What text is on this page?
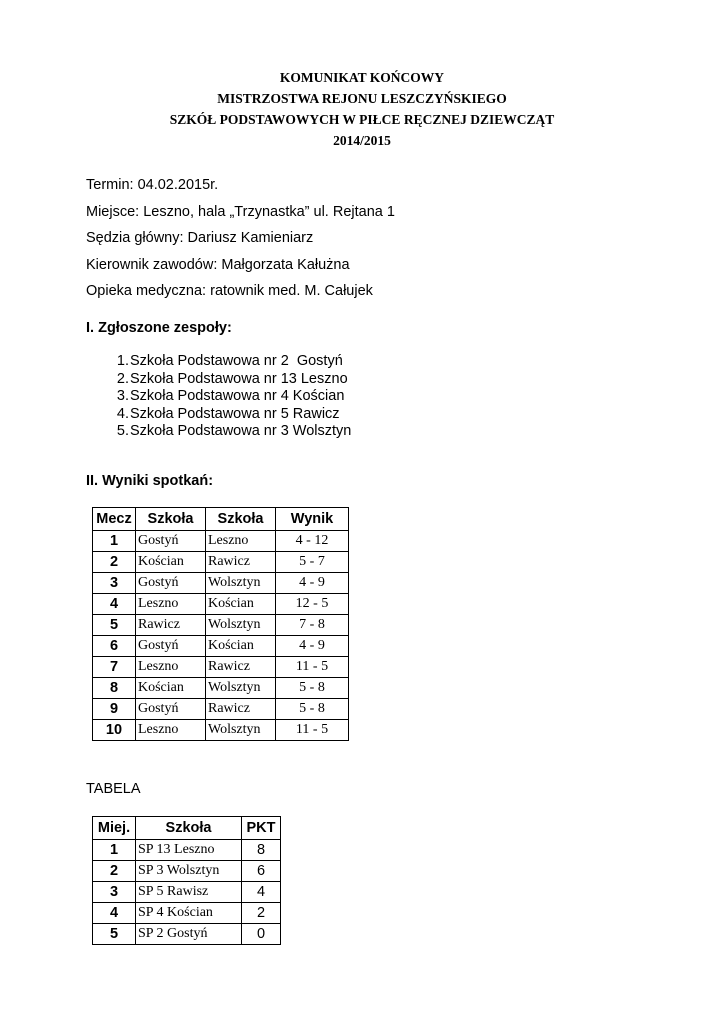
KOMUNIKAT KOŃCOWY
MISTRZOSTWA REJONU LESZCZYŃSKIEGO
SZKÓŁ PODSTAWOWYCH W PIŁCE RĘCZNEJ DZIEWCZĄT
2014/2015
Termin: 04.02.2015r.
Miejsce: Leszno, hala „Trzynastka” ul. Rejtana 1
Sędzia główny: Dariusz Kamieniarz
Kierownik zawodów: Małgorzata Kałużna
Opieka medyczna: ratownik med. M. Całujek
I. Zgłoszone zespoły:
1.Szkoła Podstawowa nr 2  Gostyń
2.Szkoła Podstawowa nr 13 Leszno
3.Szkoła Podstawowa nr 4 Kościan
4.Szkoła Podstawowa nr 5 Rawicz
5.Szkoła Podstawowa nr 3 Wolsztyn
II. Wyniki spotkań:
Mecz	Szkoła	Szkoła	Wynik
1	Gostyń	Leszno	4 - 12
2	Kościan	Rawicz	5 - 7
3	Gostyń	Wolsztyn	4 - 9
4	Leszno	Kościan	12 - 5
5	Rawicz	Wolsztyn	7 - 8
6	Gostyń	Kościan	4 - 9
7	Leszno	Rawicz	11 - 5
8	Kościan	Wolsztyn	5 - 8
9	Gostyń	Rawicz	5 - 8
10	Leszno	Wolsztyn	11 - 5
TABELA
Miej.	Szkoła	PKT
1	SP 13 Leszno	8
2	SP 3 Wolsztyn	6
3	SP 5 Rawisz	4
4	SP 4 Kościan	2
5	SP 2 Gostyń	0
